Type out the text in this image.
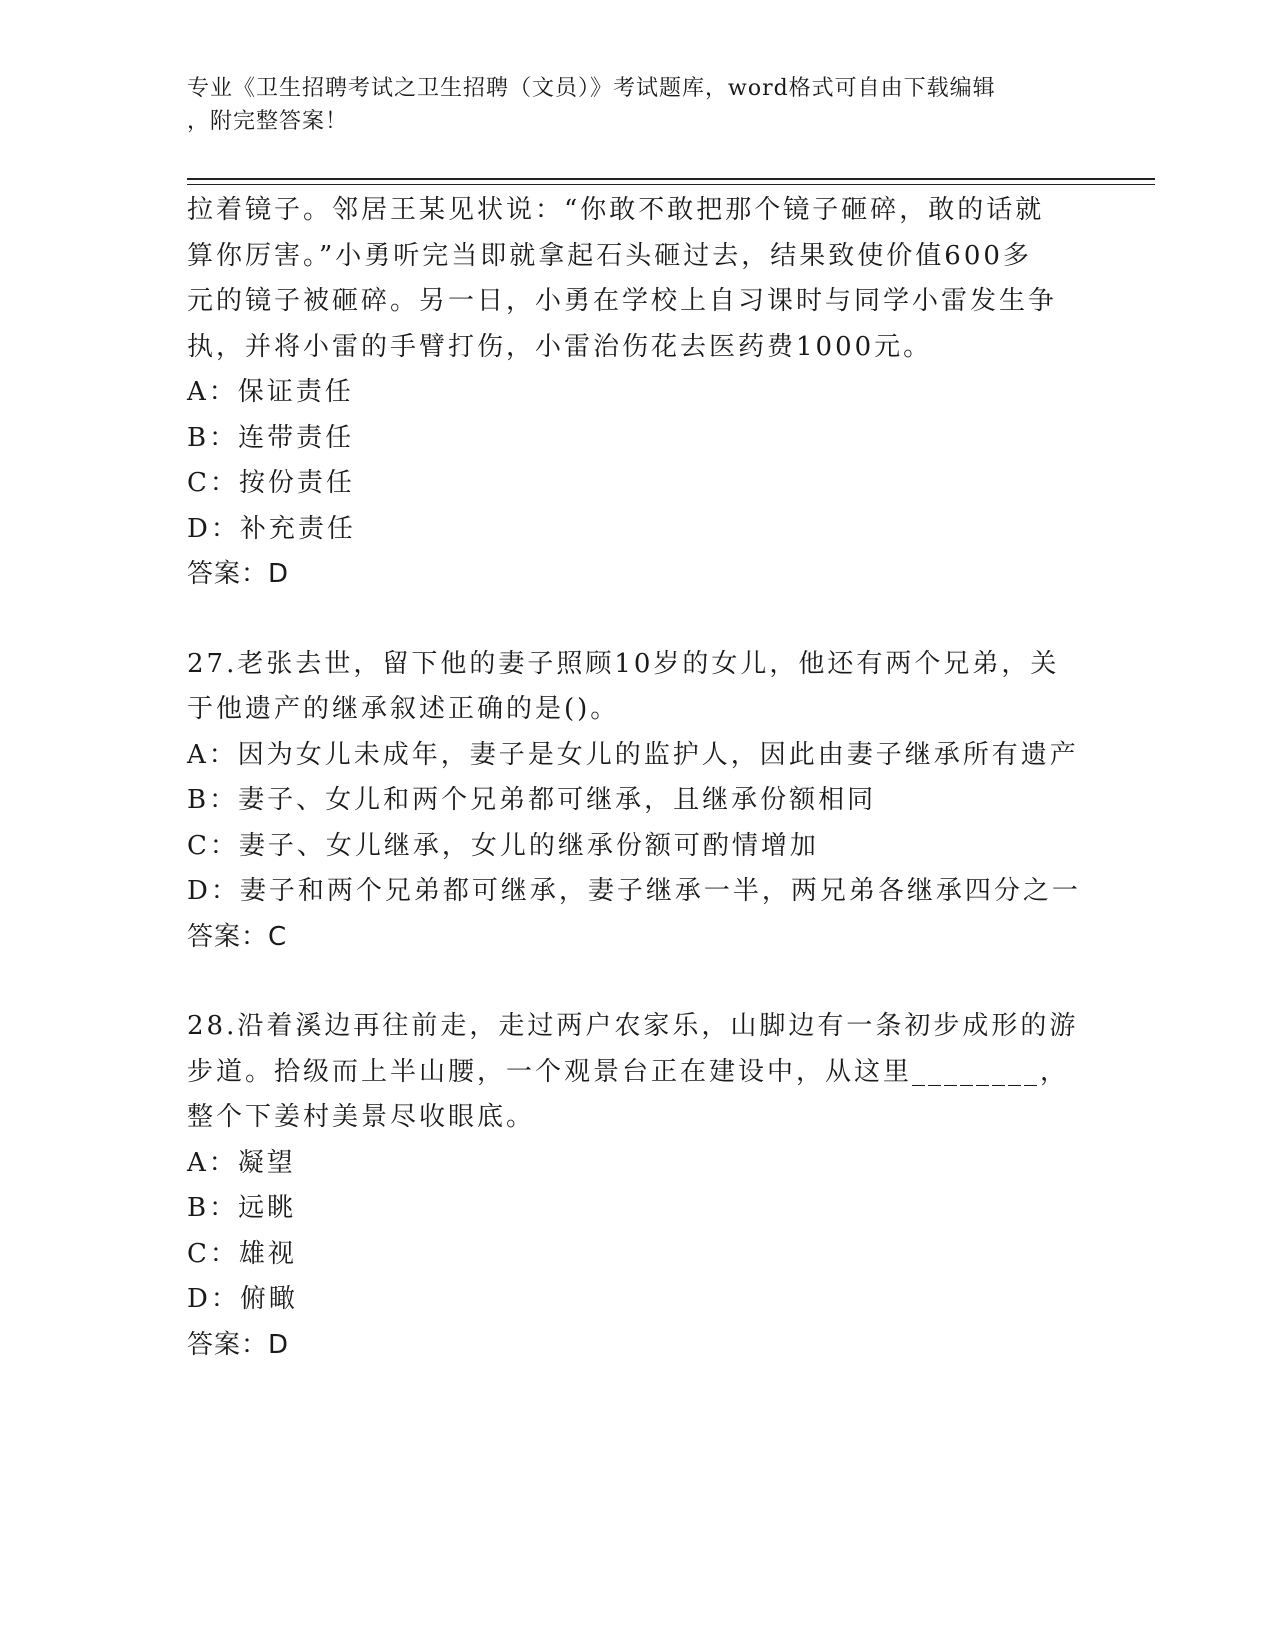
专业《卫生招聘考试之卫生招聘（文员）》考试题库，word格式可自由下载编辑
，附完整答案！
拉着镜子。邻居王某见状说：“你敢不敢把那个镜子砸碎，敢的话就
算你厉害。”小勇听完当即就拿起石头砸过去，结果致使价值600多
元的镜子被砸碎。另一日，小勇在学校上自习课时与同学小雷发生争
执，并将小雷的手臂打伤，小雷治伤花去医药费1000元。
A：保证责任
B：连带责任
C：按份责任
D：补充责任
答案：D
27.老张去世，留下他的妻子照顾10岁的女儿，他还有两个兄弟，关
于他遗产的继承叙述正确的是()。
A：因为女儿未成年，妻子是女儿的监护人，因此由妻子继承所有遗产
B：妻子、女儿和两个兄弟都可继承，且继承份额相同
C：妻子、女儿继承，女儿的继承份额可酌情增加
D：妻子和两个兄弟都可继承，妻子继承一半，两兄弟各继承四分之一
答案：C
28.沿着溪边再往前走，走过两户农家乐，山脚边有一条初步成形的游
步道。拾级而上半山腰，一个观景台正在建设中，从这里________，
整个下姜村美景尽收眼底。
A：凝望
B：远眺
C：雄视
D：俯瞰
答案：D
